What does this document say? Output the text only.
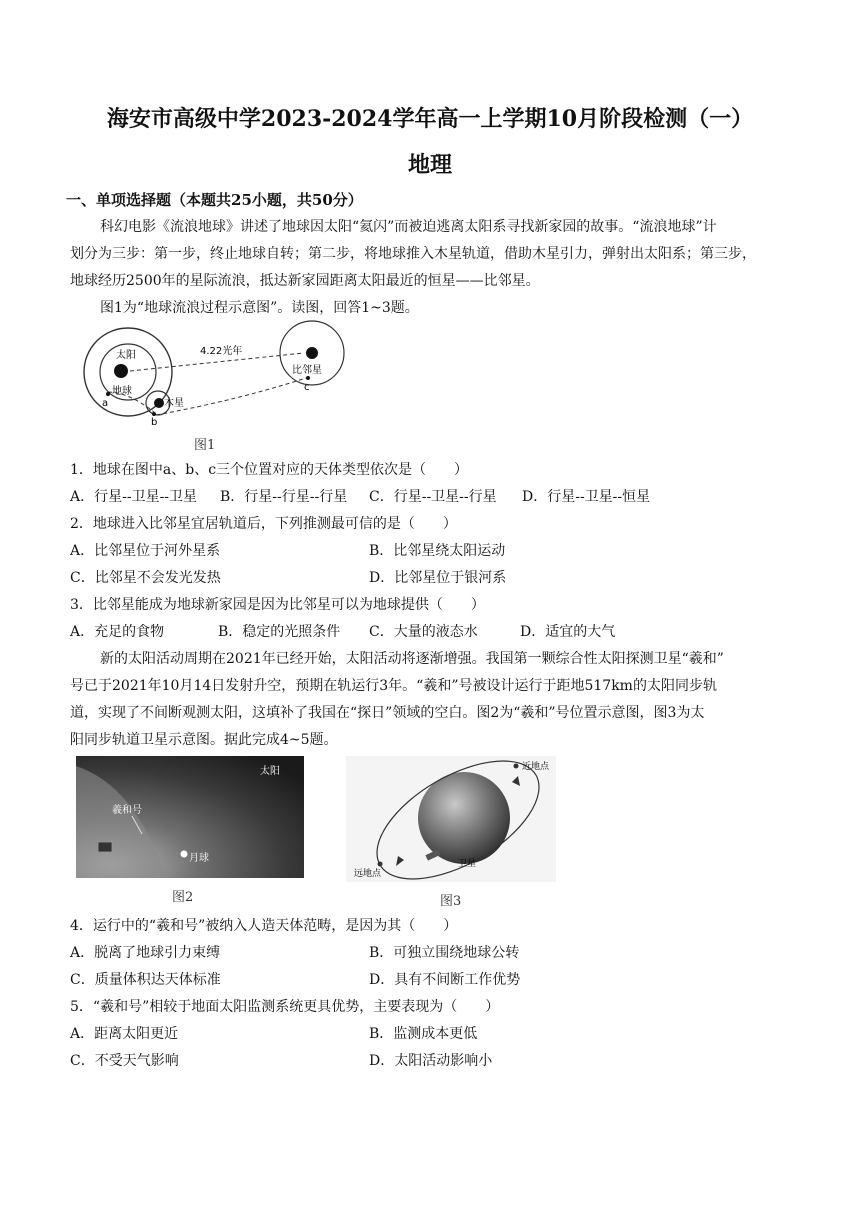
海安市高级中学2023-2024学年高一上学期10月阶段检测（一）
地理
一、单项选择题（本题共25小题，共50分）
科幻电影《流浪地球》讲述了地球因太阳“氦闪”而被迫逃离太阳系寻找新家园的故事。“流浪地球”计
划分为三步：第一步，终止地球自转；第二步，将地球推入木星轨道，借助木星引力，弹射出太阳系；第三步，
地球经历2500年的星际流浪，抵达新家园距离太阳最近的恒星——比邻星。
图1为“地球流浪过程示意图”。读图，回答1~3题。
太阳
地球
木星
比邻星
4.22光年
a
b
c
图1
1．地球在图中a、b、c三个位置对应的天体类型依次是（　　）
A．行星--卫星--卫星 B．行星--行星--行星 C．行星--卫星--行星 D．行星--卫星--恒星
2．地球进入比邻星宜居轨道后，下列推测最可信的是（　　）
A．比邻星位于河外星系	B．比邻星绕太阳运动
C．比邻星不会发光发热	D．比邻星位于银河系
3．比邻星能成为地球新家园是因为比邻星可以为地球提供（　　）
A．充足的食物	B．稳定的光照条件 C．大量的液态水	D．适宜的大气
新的太阳活动周期在2021年已经开始，太阳活动将逐渐增强。我国第一颗综合性太阳探测卫星“羲和”
号已于2021年10月14日发射升空，预期在轨运行3年。“羲和”号被设计运行于距地517km的太阳同步轨
道，实现了不间断观测太阳，这填补了我国在“探日”领域的空白。图2为“羲和”号位置示意图，图3为太
阳同步轨道卫星示意图。据此完成4~5题。
太阳
羲和号
月球
图2
近地点
远地点
卫星
图3
4．运行中的“羲和号”被纳入人造天体范畴，是因为其（　　）
A．脱离了地球引力束缚	B．可独立围绕地球公转
C．质量体积达天体标准	D．具有不间断工作优势
5．“羲和号”相较于地面太阳监测系统更具优势，主要表现为（　　）
A．距离太阳更近	B．监测成本更低
C．不受天气影响	D．太阳活动影响小
